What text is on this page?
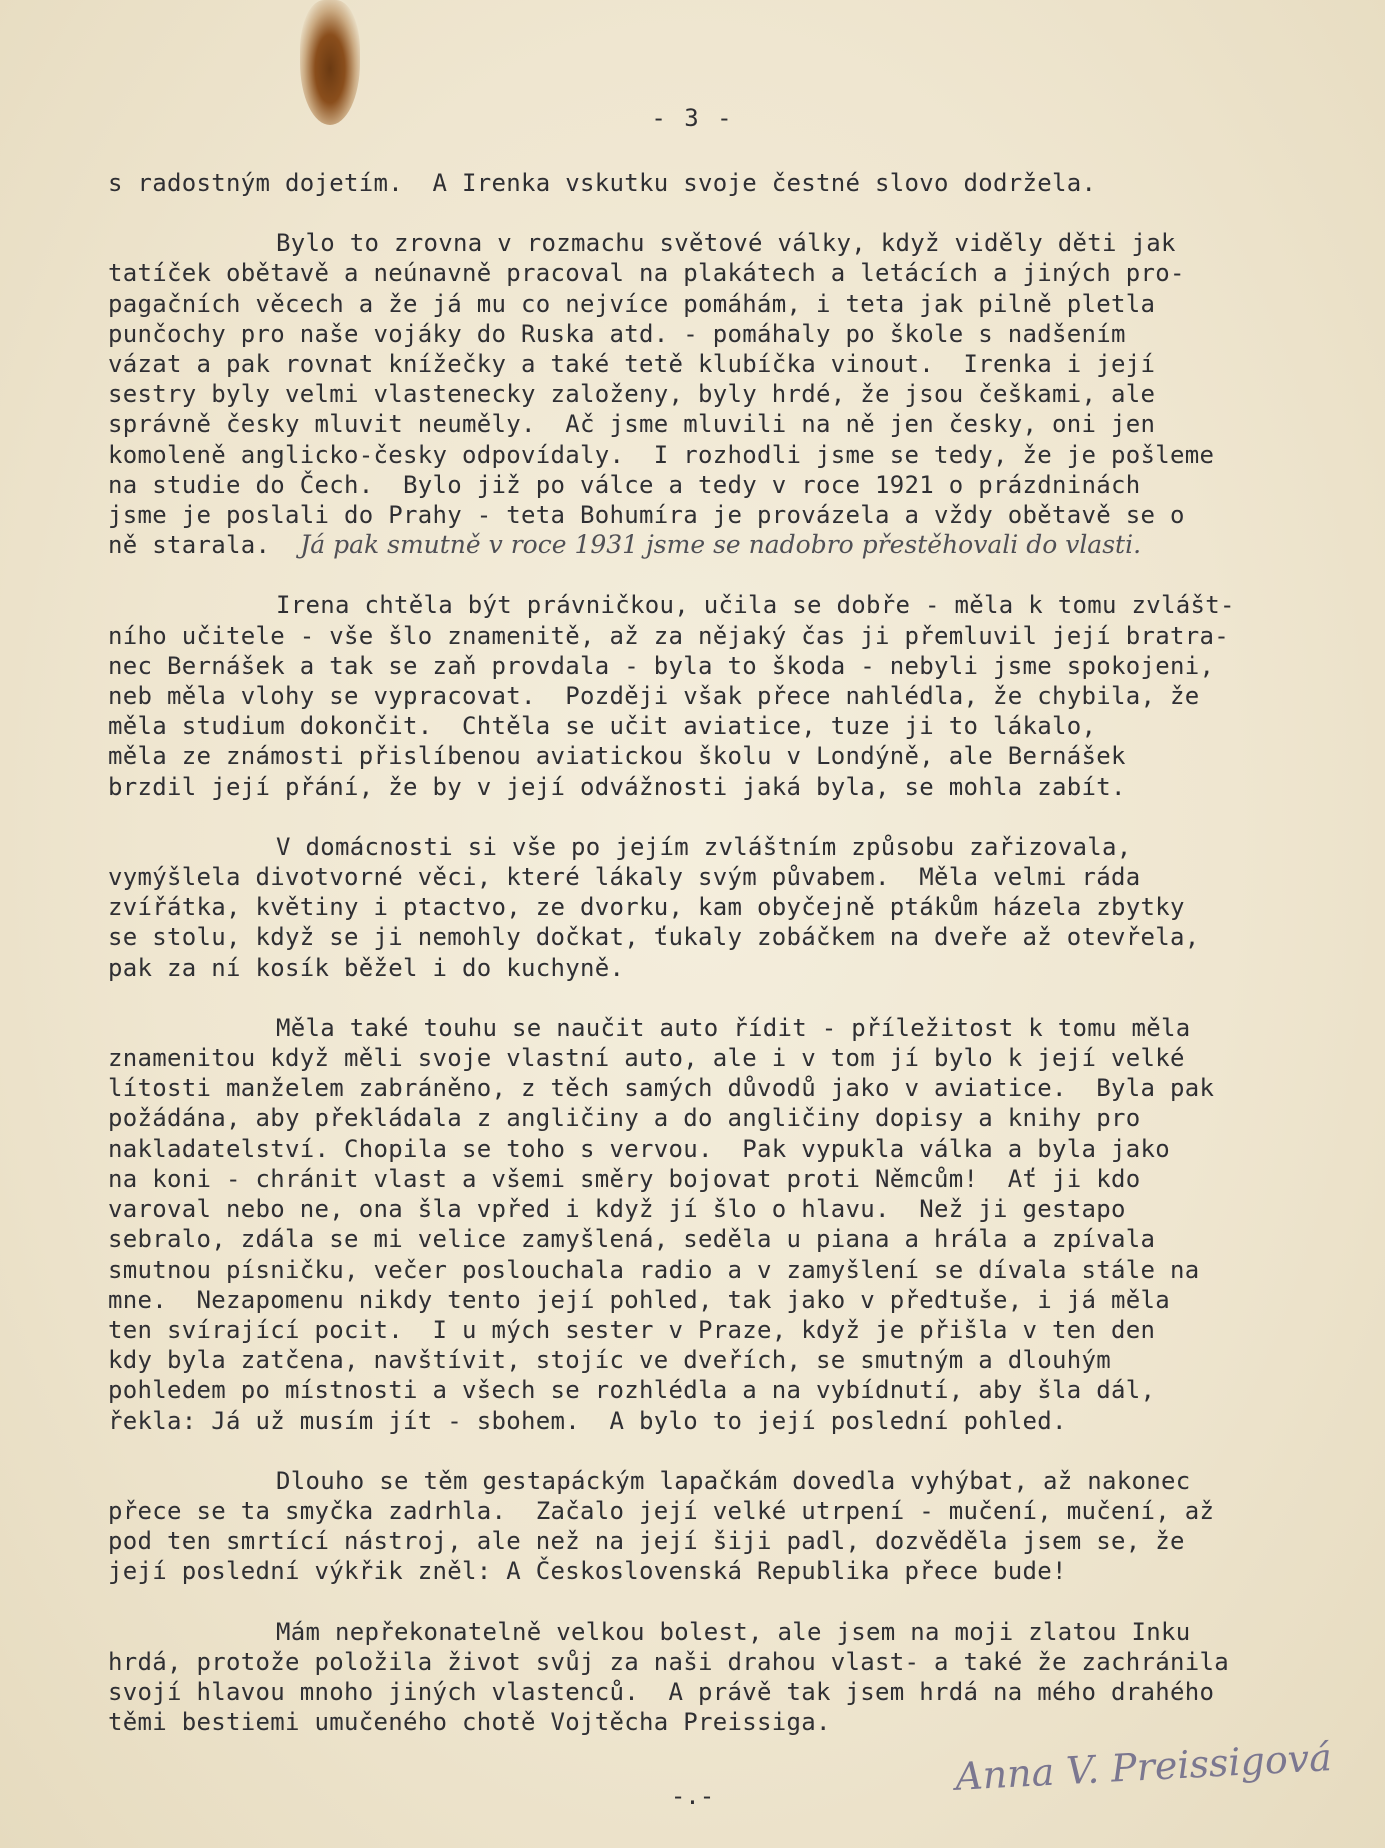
- 3 -
s radostným dojetím.  A Irenka vskutku svoje čestné slovo dodržela.
Bylo to zrovna v rozmachu světové války, když viděly děti jak
tatíček obětavě a neúnavně pracoval na plakátech a letácích a jiných pro-
pagačních věcech a že já mu co nejvíce pomáhám, i teta jak pilně pletla
punčochy pro naše vojáky do Ruska atd. - pomáhaly po škole s nadšením
vázat a pak rovnat knížečky a také tetě klubíčka vinout.  Irenka i její
sestry byly velmi vlastenecky založeny, byly hrdé, že jsou češkami, ale
správně česky mluvit neuměly.  Ač jsme mluvili na ně jen česky, oni jen
komoleně anglicko-česky odpovídaly.  I rozhodli jsme se tedy, že je pošleme
na studie do Čech.  Bylo již po válce a tedy v roce 1921 o prázdninách
jsme je poslali do Prahy - teta Bohumíra je provázela a vždy obětavě se o
ně starala. Já pak smutně v roce 1931 jsme se nadobro přestěhovali do vlasti.
Irena chtěla být právničkou, učila se dobře - měla k tomu zvlášt-
ního učitele - vše šlo znamenitě, až za nějaký čas ji přemluvil její bratra-
nec Bernášek a tak se zaň provdala - byla to škoda - nebyli jsme spokojeni,
neb měla vlohy se vypracovat.  Později však přece nahlédla, že chybila, že
měla studium dokončit.  Chtěla se učit aviatice, tuze ji to lákalo,
měla ze známosti přislíbenou aviatickou školu v Londýně, ale Bernášek
brzdil její přání, že by v její odvážnosti jaká byla, se mohla zabít.
V domácnosti si vše po jejím zvláštním způsobu zařizovala,
vymýšlela divotvorné věci, které lákaly svým půvabem.  Měla velmi ráda
zvířátka, květiny i ptactvo, ze dvorku, kam obyčejně ptákům házela zbytky
se stolu, když se ji nemohly dočkat, ťukaly zobáčkem na dveře až otevřela,
pak za ní kosík běžel i do kuchyně.
Měla také touhu se naučit auto řídit - příležitost k tomu měla
znamenitou když měli svoje vlastní auto, ale i v tom jí bylo k její velké
lítosti manželem zabráněno, z těch samých důvodů jako v aviatice.  Byla pak
požádána, aby překládala z angličiny a do angličiny dopisy a knihy pro
nakladatelství. Chopila se toho s vervou.  Pak vypukla válka a byla jako
na koni - chránit vlast a všemi směry bojovat proti Němcům!  Ať ji kdo
varoval nebo ne, ona šla vpřed i když jí šlo o hlavu.  Než ji gestapo
sebralo, zdála se mi velice zamyšlená, seděla u piana a hrála a zpívala
smutnou písničku, večer poslouchala radio a v zamyšlení se dívala stále na
mne.  Nezapomenu nikdy tento její pohled, tak jako v předtuše, i já měla
ten svírající pocit.  I u mých sester v Praze, když je přišla v ten den
kdy byla zatčena, navštívit, stojíc ve dveřích, se smutným a dlouhým
pohledem po místnosti a všech se rozhlédla a na vybídnutí, aby šla dál,
řekla: Já už musím jít - sbohem.  A bylo to její poslední pohled.
Dlouho se těm gestapáckým lapačkám dovedla vyhýbat, až nakonec
přece se ta smyčka zadrhla.  Začalo její velké utrpení - mučení, mučení, až
pod ten smrtící nástroj, ale než na její šiji padl, dozvěděla jsem se, že
její poslední výkřik zněl: A Československá Republika přece bude!
Mám nepřekonatelně velkou bolest, ale jsem na moji zlatou Inku
hrdá, protože položila život svůj za naši drahou vlast- a také že zachránila
svojí hlavou mnoho jiných vlastenců.  A právě tak jsem hrdá na mého drahého
těmi bestiemi umučeného chotě Vojtěcha Preissiga.
Anna V. Preissigová
-.-
